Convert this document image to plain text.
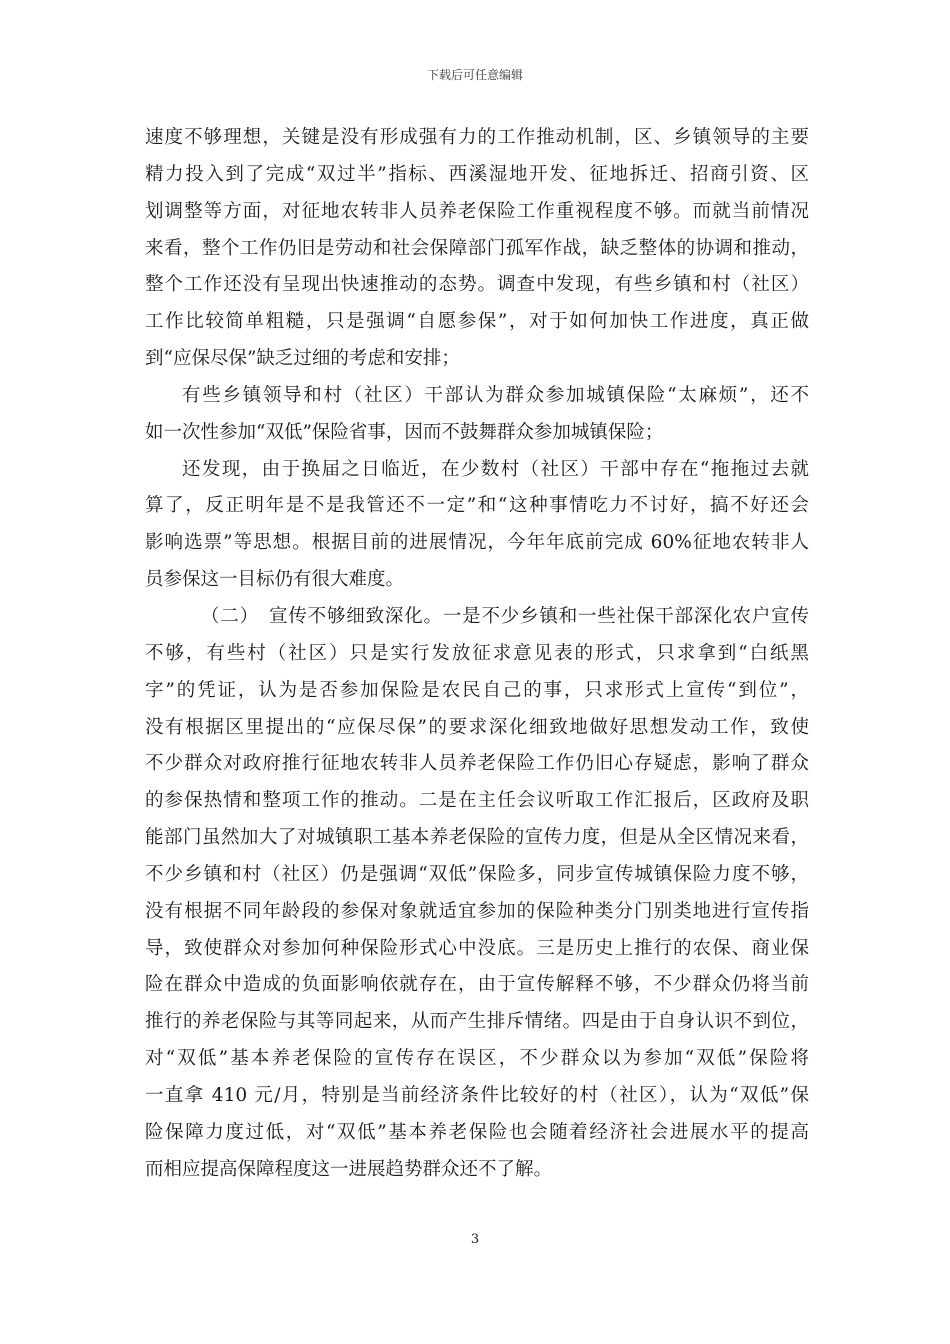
下载后可任意编辑
速度不够理想，关键是没有形成强有力的工作推动机制，区、乡镇领导的主要
精力投入到了完成“双过半”指标、西溪湿地开发、征地拆迁、招商引资、区
划调整等方面，对征地农转非人员养老保险工作重视程度不够。而就当前情况
来看，整个工作仍旧是劳动和社会保障部门孤军作战，缺乏整体的协调和推动，
整个工作还没有呈现出快速推动的态势。调查中发现，有些乡镇和村（社区）
工作比较简单粗糙，只是强调“自愿参保”，对于如何加快工作进度，真正做
到“应保尽保”缺乏过细的考虑和安排；
有些乡镇领导和村（社区）干部认为群众参加城镇保险“太麻烦”，还不
如一次性参加“双低”保险省事，因而不鼓舞群众参加城镇保险；
还发现，由于换届之日临近，在少数村（社区）干部中存在“拖拖过去就
算了，反正明年是不是我管还不一定”和“这种事情吃力不讨好，搞不好还会
影响选票”等思想。根据目前的进展情况，今年年底前完成 60%征地农转非人
员参保这一目标仍有很大难度。
（二）　宣传不够细致深化。一是不少乡镇和一些社保干部深化农户宣传
不够，有些村（社区）只是实行发放征求意见表的形式，只求拿到“白纸黑
字”的凭证，认为是否参加保险是农民自己的事，只求形式上宣传“到位”，
没有根据区里提出的“应保尽保”的要求深化细致地做好思想发动工作，致使
不少群众对政府推行征地农转非人员养老保险工作仍旧心存疑虑，影响了群众
的参保热情和整项工作的推动。二是在主任会议听取工作汇报后，区政府及职
能部门虽然加大了对城镇职工基本养老保险的宣传力度，但是从全区情况来看，
不少乡镇和村（社区）仍是强调“双低”保险多，同步宣传城镇保险力度不够，
没有根据不同年龄段的参保对象就适宜参加的保险种类分门别类地进行宣传指
导，致使群众对参加何种保险形式心中没底。三是历史上推行的农保、商业保
险在群众中造成的负面影响依就存在，由于宣传解释不够，不少群众仍将当前
推行的养老保险与其等同起来，从而产生排斥情绪。四是由于自身认识不到位，
对“双低”基本养老保险的宣传存在误区，不少群众以为参加“双低”保险将
一直拿 410 元/月，特别是当前经济条件比较好的村（社区），认为“双低”保
险保障力度过低，对“双低”基本养老保险也会随着经济社会进展水平的提高
而相应提高保障程度这一进展趋势群众还不了解。
3
